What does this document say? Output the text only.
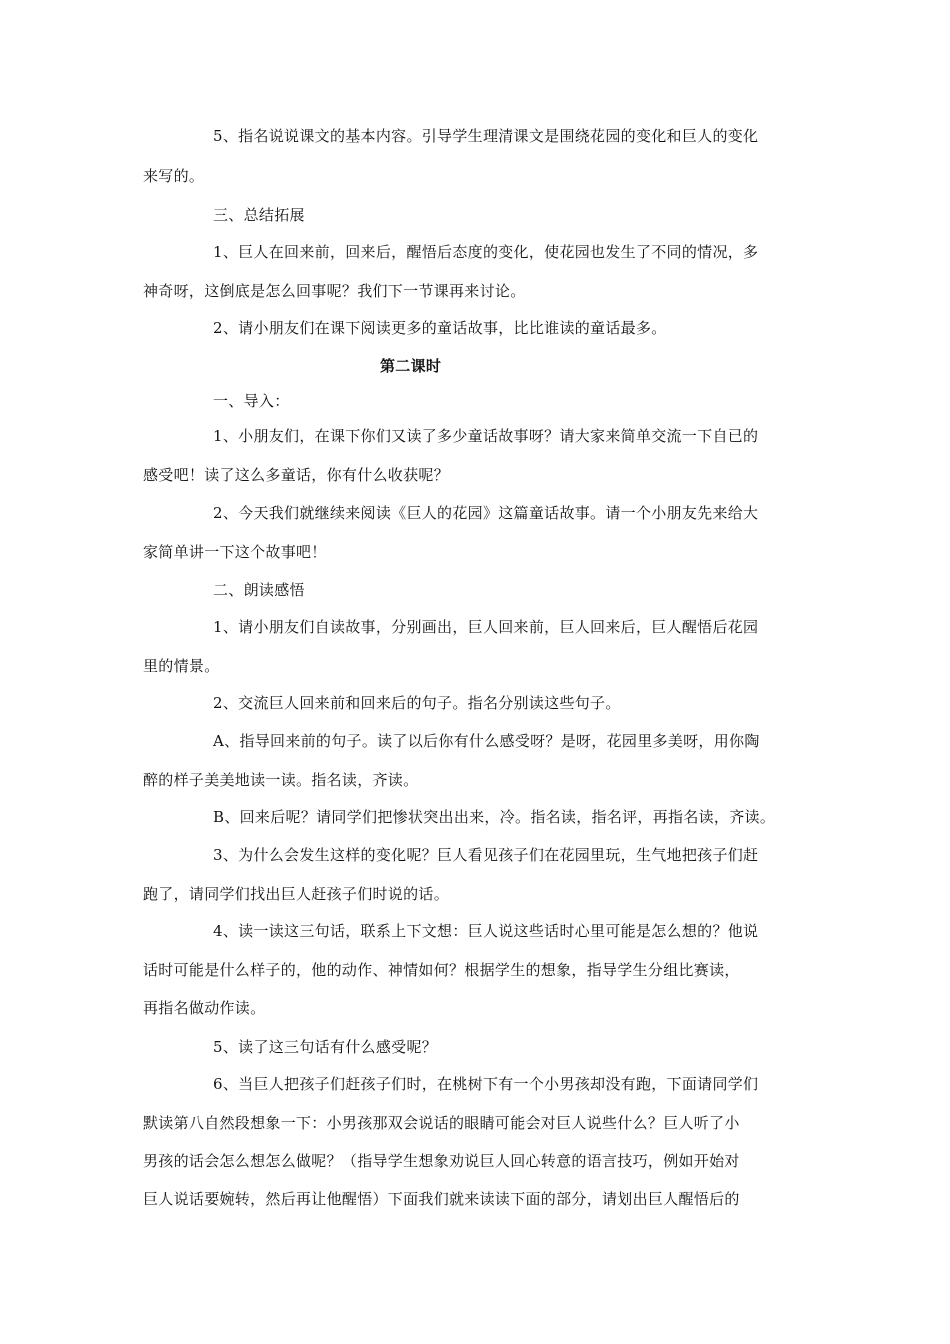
5、指名说说课文的基本内容。引导学生理清课文是围绕花园的变化和巨人的变化
来写的。
三、总结拓展
1、巨人在回来前，回来后，醒悟后态度的变化，使花园也发生了不同的情况，多
神奇呀，这倒底是怎么回事呢？我们下一节课再来讨论。
2、请小朋友们在课下阅读更多的童话故事，比比谁读的童话最多。
第二课时
一、导入：
1、小朋友们，在课下你们又读了多少童话故事呀？请大家来简单交流一下自已的
感受吧！读了这么多童话，你有什么收获呢？
2、今天我们就继续来阅读《巨人的花园》这篇童话故事。请一个小朋友先来给大
家简单讲一下这个故事吧！
二、朗读感悟
1、请小朋友们自读故事，分别画出，巨人回来前，巨人回来后，巨人醒悟后花园
里的情景。
2、交流巨人回来前和回来后的句子。指名分别读这些句子。
A、指导回来前的句子。读了以后你有什么感受呀？是呀，花园里多美呀，用你陶
醉的样子美美地读一读。指名读，齐读。
B、回来后呢？请同学们把惨状突出出来，冷。指名读，指名评，再指名读，齐读。
3、为什么会发生这样的变化呢？巨人看见孩子们在花园里玩，生气地把孩子们赶
跑了，请同学们找出巨人赶孩子们时说的话。
4、读一读这三句话，联系上下文想：巨人说这些话时心里可能是怎么想的？他说
话时可能是什么样子的，他的动作、神情如何？根据学生的想象，指导学生分组比赛读，
再指名做动作读。
5、读了这三句话有什么感受呢？
6、当巨人把孩子们赶孩子们时，在桃树下有一个小男孩却没有跑，下面请同学们
默读第八自然段想象一下：小男孩那双会说话的眼睛可能会对巨人说些什么？巨人听了小
男孩的话会怎么想怎么做呢？（指导学生想象劝说巨人回心转意的语言技巧，例如开始对
巨人说话要婉转，然后再让他醒悟）下面我们就来读读下面的部分，请划出巨人醒悟后的
